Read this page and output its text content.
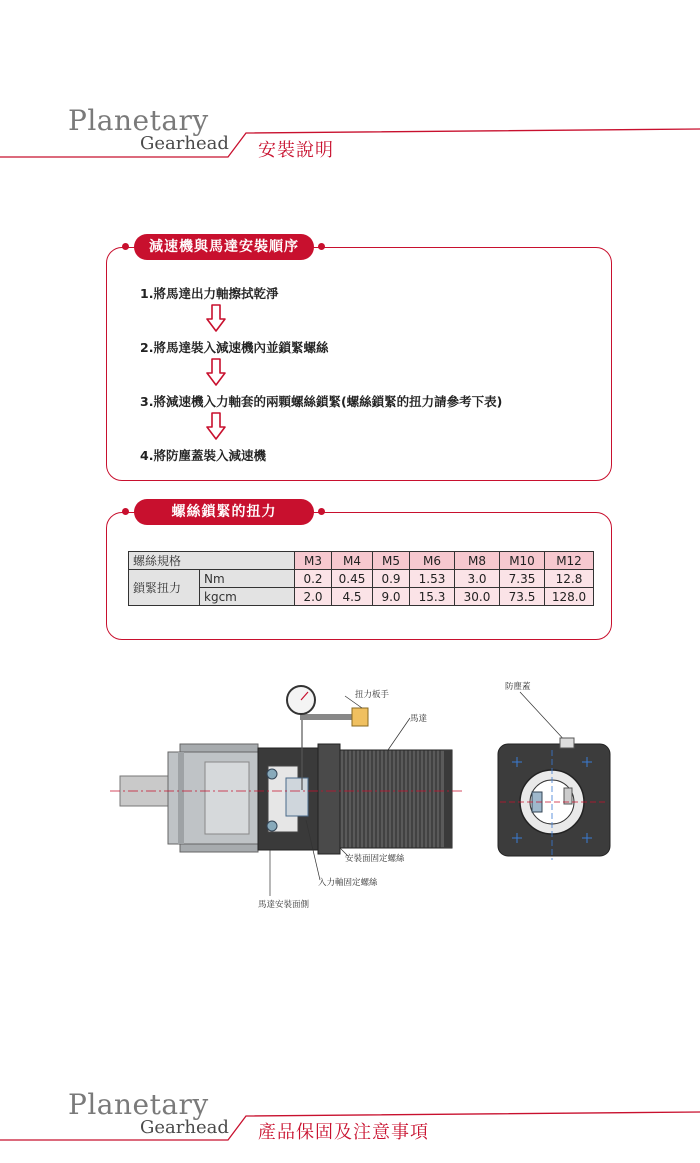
Planetary
Gearhead 安裝說明
減速機與馬達安裝順序
1.將馬達出力軸擦拭乾淨
2.將馬達裝入減速機內並鎖緊螺絲
3.將減速機入力軸套的兩顆螺絲鎖緊(螺絲鎖緊的扭力請參考下表)
4.將防塵蓋裝入減速機
螺絲鎖緊的扭力
螺絲規格		M3	M4	M5	M6	M8	M10	M12
鎖緊扭力	Nm	0.2	0.45	0.9	1.53	3.0	7.35	12.8
	kgcm	2.0	4.5	9.0	15.3	30.0	73.5	128.0
扭力板手
馬達
安裝面固定螺絲
入力軸固定螺絲
馬達安裝面側
防塵蓋
Planetary
Gearhead 產品保固及注意事項
